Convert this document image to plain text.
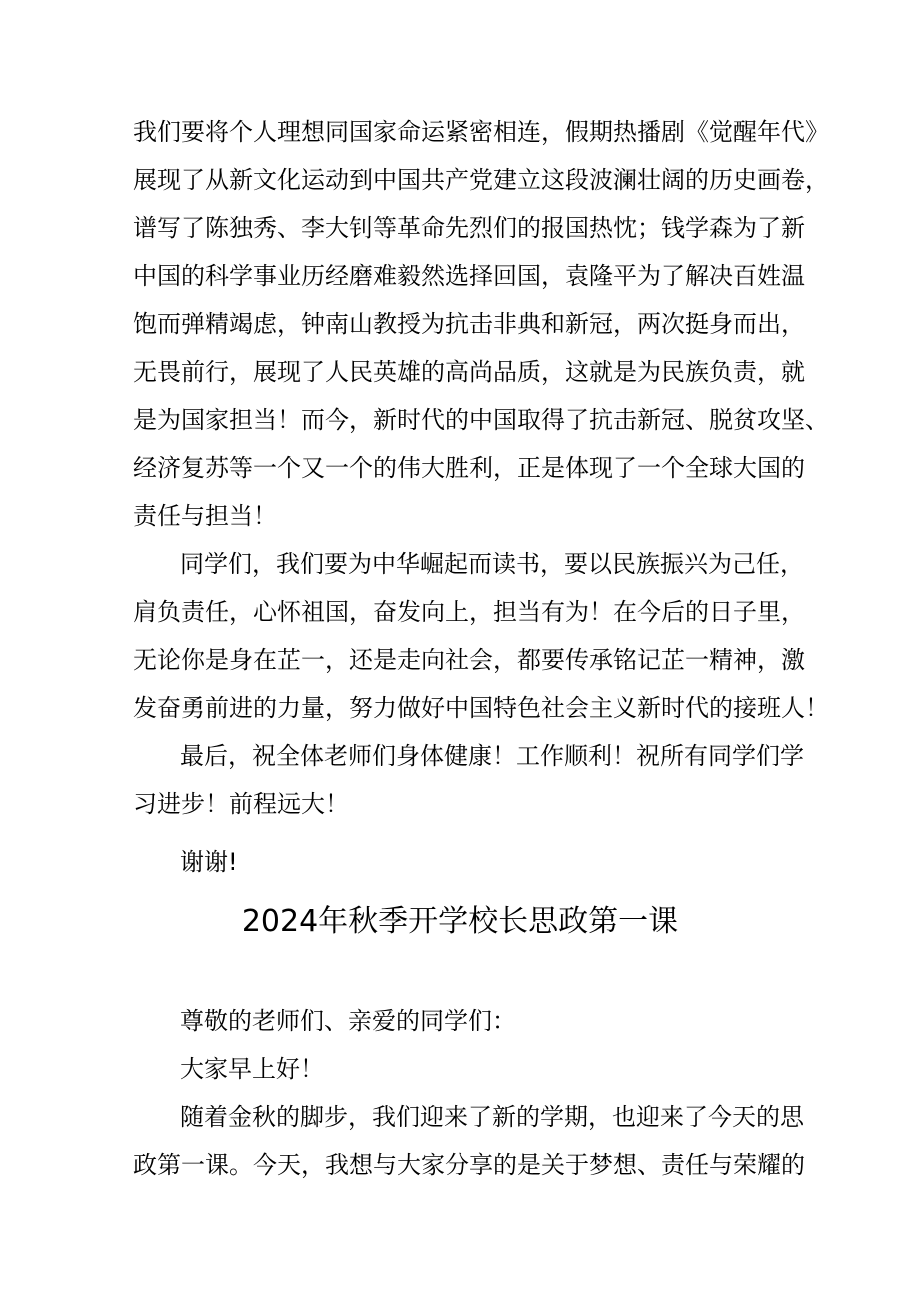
我们要将个人理想同国家命运紧密相连，假期热播剧《觉醒年代》
展现了从新文化运动到中国共产党建立这段波澜壮阔的历史画卷，
谱写了陈独秀、李大钊等革命先烈们的报国热忱；钱学森为了新
中国的科学事业历经磨难毅然选择回国，袁隆平为了解决百姓温
饱而弹精竭虑，钟南山教授为抗击非典和新冠，两次挺身而出，
无畏前行，展现了人民英雄的高尚品质，这就是为民族负责，就
是为国家担当！而今，新时代的中国取得了抗击新冠、脱贫攻坚、
经济复苏等一个又一个的伟大胜利，正是体现了一个全球大国的
责任与担当！
同学们，我们要为中华崛起而读书，要以民族振兴为己任，
肩负责任，心怀祖国，奋发向上，担当有为！在今后的日子里，
无论你是身在芷一，还是走向社会，都要传承铭记芷一精神，激
发奋勇前进的力量，努力做好中国特色社会主义新时代的接班人！
最后，祝全体老师们身体健康！工作顺利！祝所有同学们学
习进步！前程远大！
谢谢!
2024年秋季开学校长思政第一课
尊敬的老师们、亲爱的同学们：
大家早上好！
随着金秋的脚步，我们迎来了新的学期，也迎来了今天的思
政第一课。今天，我想与大家分享的是关于梦想、责任与荣耀的
